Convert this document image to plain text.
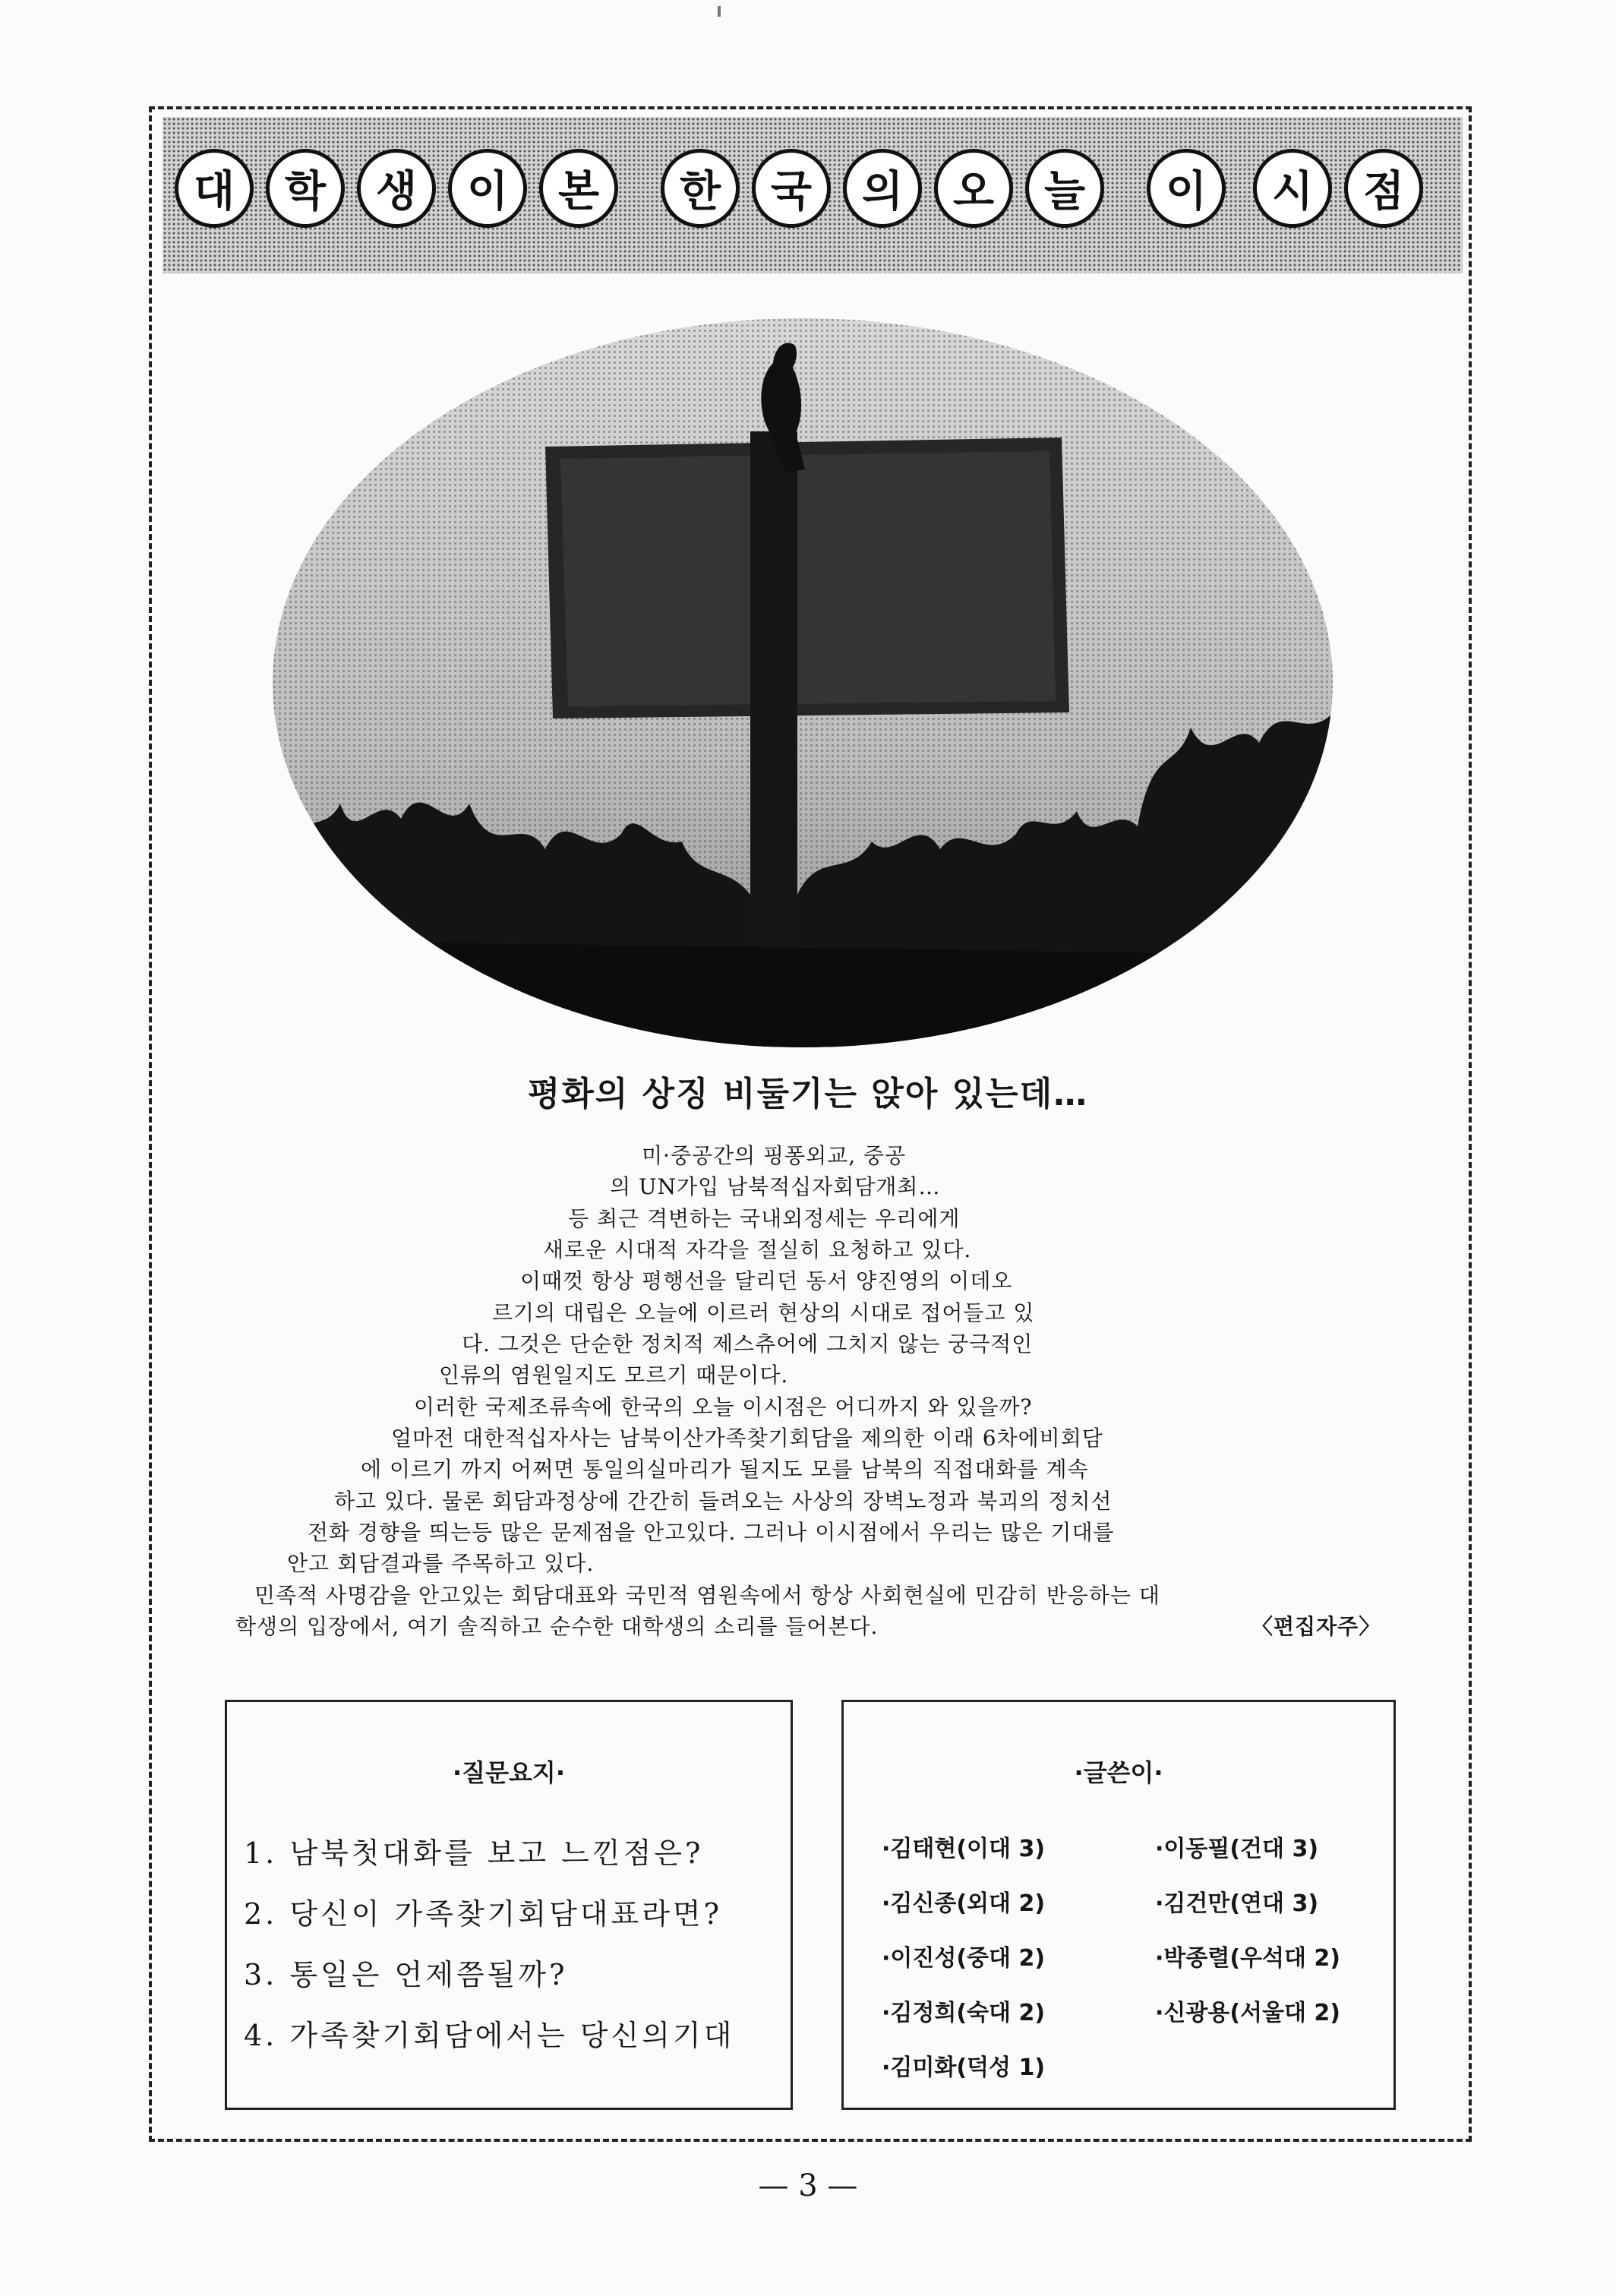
대	학	생	이	본	한	국	의	오	늘	이	시	점
평화의 상징 비둘기는 앉아 있는데…
미·중공간의 핑퐁외교, 중공
의 UN가입 남북적십자회담개최…
등 최근 격변하는 국내외정세는 우리에게
새로운 시대적 자각을 절실히 요청하고 있다.
이때껏 항상 평행선을 달리던 동서 양진영의 이데오
르기의 대립은 오늘에 이르러 현상의 시대로 접어들고 있
다. 그것은 단순한 정치적 제스츄어에 그치지 않는 궁극적인
인류의 염원일지도 모르기 때문이다.
이러한 국제조류속에 한국의 오늘 이시점은 어디까지 와 있을까?
얼마전 대한적십자사는 남북이산가족찾기회담을 제의한 이래 6차에비회담
에 이르기 까지 어쩌면 통일의실마리가 될지도 모를 남북의 직접대화를 계속
하고 있다. 물론 회담과정상에 간간히 들려오는 사상의 장벽노정과 북괴의 정치선
전화 경향을 띄는등 많은 문제점을 안고있다. 그러나 이시점에서 우리는 많은 기대를
안고 회담결과를 주목하고 있다.
민족적 사명감을 안고있는 회담대표와 국민적 염원속에서 항상 사회현실에 민감히 반응하는 대
학생의 입장에서, 여기 솔직하고 순수한 대학생의 소리를 들어본다.	〈편집자주〉
·질문요지·
1. 남북첫대화를 보고 느낀점은?
2. 당신이 가족찾기회담대표라면?
3. 통일은 언제쯤될까?
4. 가족찾기회담에서는 당신의기대
·글쓴이·
·김태현(이대 3)
·김신종(외대 2)
·이진성(중대 2)
·김정희(숙대 2)
·김미화(덕성 1)
·이동필(건대 3)
·김건만(연대 3)
·박종렬(우석대 2)
·신광용(서울대 2)
— 3 —
